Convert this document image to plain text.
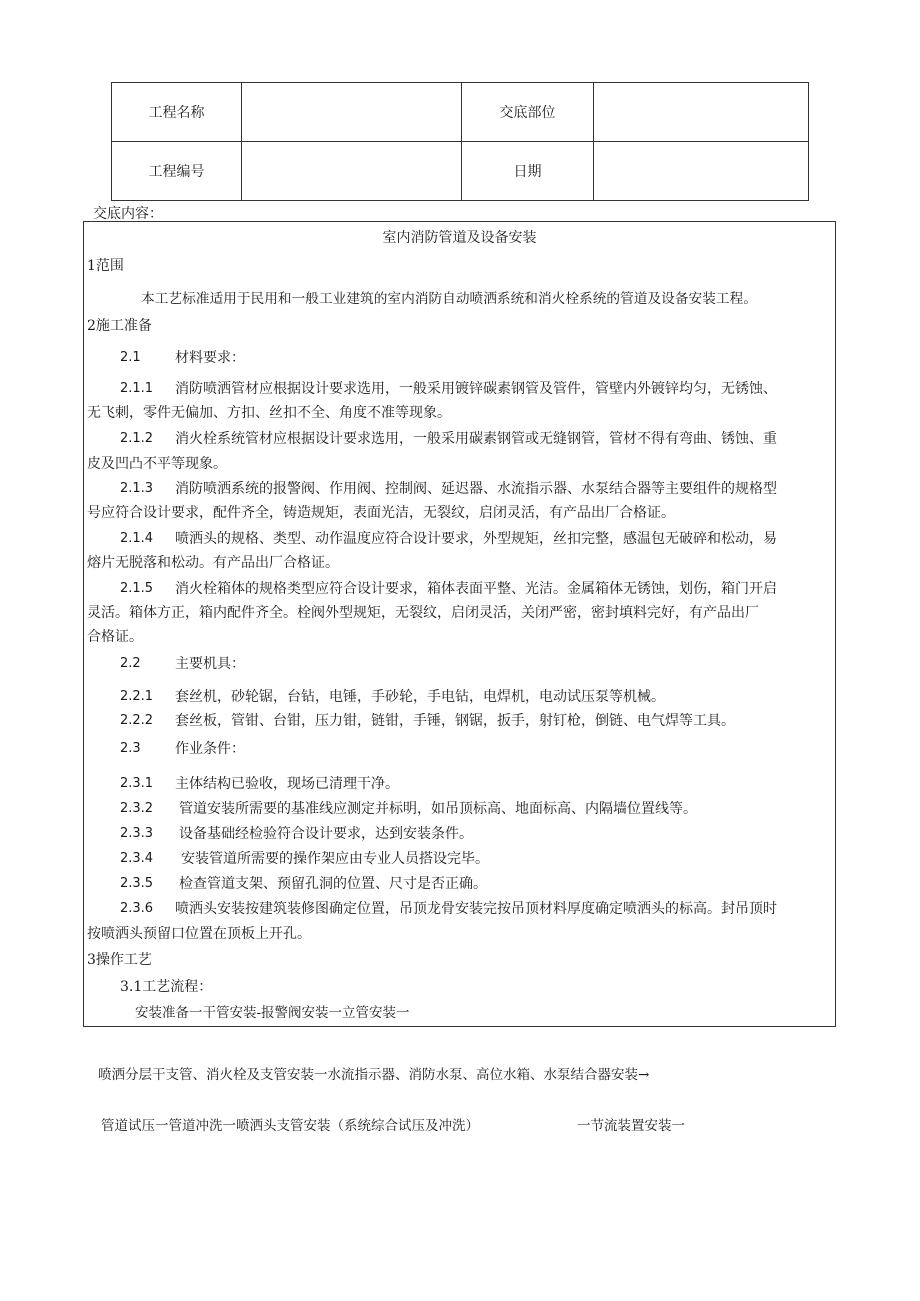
工程名称		交底部位	
工程编号		日期	
交底内容：
室内消防管道及设备安装
1范围
本工艺标准适用于民用和一般工业建筑的室内消防自动喷洒系统和消火栓系统的管道及设备安装工程。
2施工准备
2.1 材料要求：
2.1.1 消防喷洒管材应根据设计要求选用，一般采用镀锌碳素钢管及管件，管壁内外镀锌均匀，无锈蚀、
无飞刺，零件无偏加、方扣、丝扣不全、角度不准等现象。
2.1.2 消火栓系统管材应根据设计要求选用，一般采用碳素钢管或无缝钢管，管材不得有弯曲、锈蚀、重
皮及凹凸不平等现象。
2.1.3 消防喷洒系统的报警阀、作用阀、控制阀、延迟器、水流指示器、水泵结合器等主要组件的规格型
号应符合设计要求，配件齐全，铸造规矩，表面光洁，无裂纹，启闭灵活，有产品出厂合格证。
2.1.4 喷洒头的规格、类型、动作温度应符合设计要求，外型规矩，丝扣完整，感温包无破碎和松动，易
熔片无脱落和松动。有产品出厂合格证。
2.1.5 消火栓箱体的规格类型应符合设计要求，箱体表面平整、光洁。金属箱体无锈蚀，划伤，箱门开启
灵活。箱体方正，箱内配件齐全。栓阀外型规矩，无裂纹，启闭灵活，关闭严密，密封填料完好，有产品出厂
合格证。
2.2 主要机具：
2.2.1 套丝机，砂轮锯，台钻，电锤，手砂轮，手电钻，电焊机，电动试压泵等机械。
2.2.2 套丝板，管钳、台钳，压力钳，链钳，手锤，钢锯，扳手，射钉枪，倒链、电气焊等工具。
2.3 作业条件：
2.3.1 主体结构已验收，现场已清理干净。
2.3.2 管道安装所需要的基准线应测定并标明，如吊顶标高、地面标高、内隔墙位置线等。
2.3.3 设备基础经检验符合设计要求，达到安装条件。
2.3.4 安装管道所需要的操作架应由专业人员搭设完毕。
2.3.5 检查管道支架、预留孔洞的位置、尺寸是否正确。
2.3.6 喷洒头安装按建筑装修图确定位置，吊顶龙骨安装完按吊顶材料厚度确定喷洒头的标高。封吊顶时
按喷洒头预留口位置在顶板上开孔。
3操作工艺
3.1工艺流程：
安装准备一干管安装-报警阀安装一立管安装一
喷洒分层干支管、消火栓及支管安装一水流指示器、消防水泵、高位水箱、水泵结合器安装→
管道试压一管道冲洗一喷洒头支管安装（系统综合试压及冲洗）	一节流装置安装一
